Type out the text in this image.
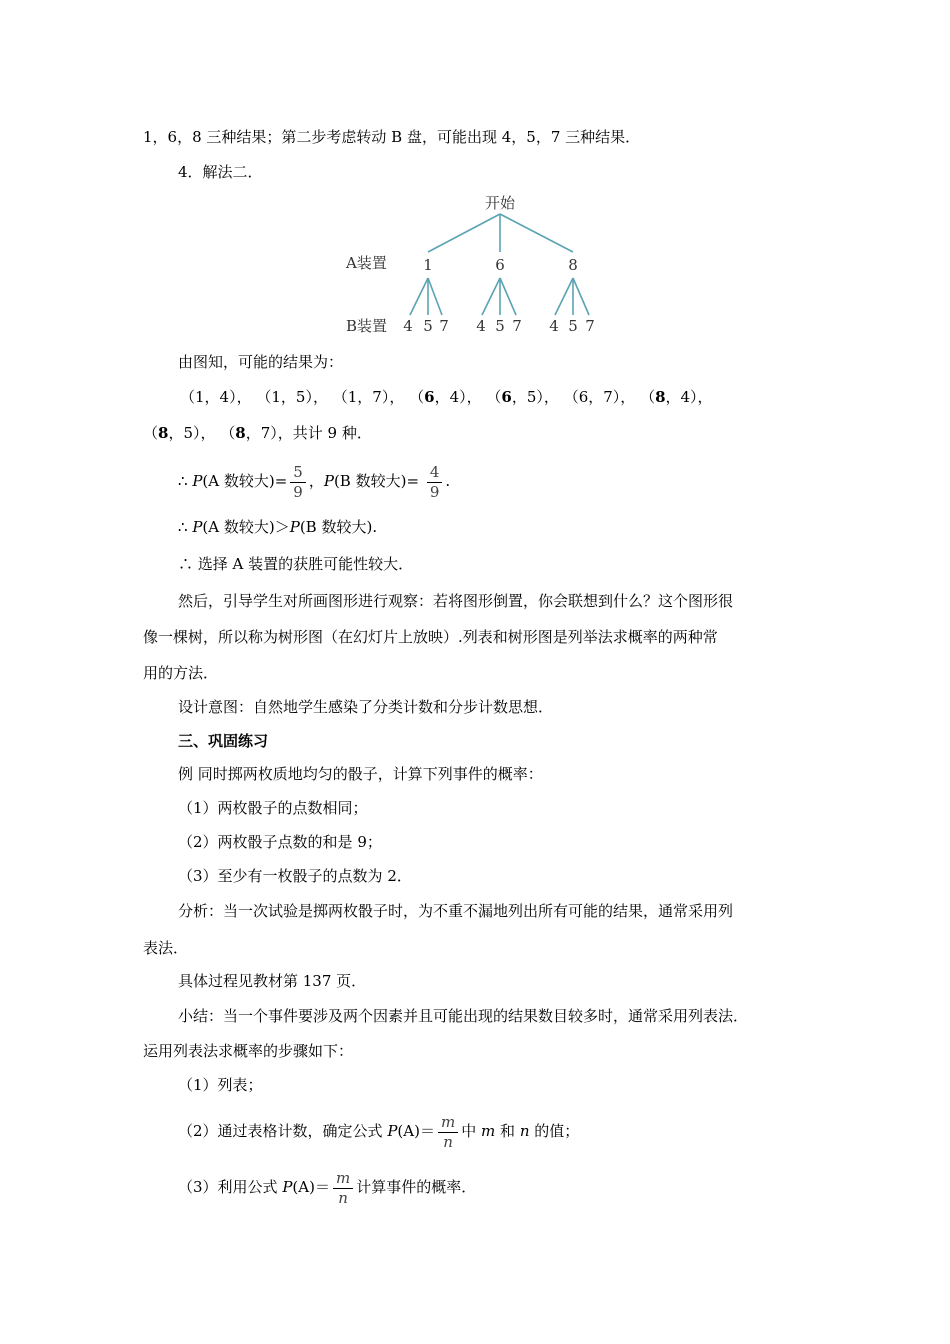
1，6，8 三种结果；第二步考虑转动 B 盘，可能出现 4，5，7 三种结果．
4．解法二．
开始
A装置
B装置
1	6	8
4 5 7 4 5 7 4 5 7
由图知，可能的结果为：
（1，4）， （1，5）， （1，7）， （6，4）， （6，5）， （6，7）， （8，4），
（8，5）， （8，7），共计 9 种．
∴ P(A 数较大)= $\frac{5}{9}$ ，P(B 数较大)= $\frac{4}{9}$ .
∴ P(A 数较大)＞P(B 数较大).
∴ 选择 A 装置的获胜可能性较大．
然后，引导学生对所画图形进行观察：若将图形倒置，你会联想到什么？这个图形很
像一棵树，所以称为树形图（在幻灯片上放映）.列表和树形图是列举法求概率的两种常
用的方法．
设计意图：自然地学生感染了分类计数和分步计数思想．
三、巩固练习
例 同时掷两枚质地均匀的骰子，计算下列事件的概率：
（1）两枚骰子的点数相同；
（2）两枚骰子点数的和是 9；
（3）至少有一枚骰子的点数为 2．
分析：当一次试验是掷两枚骰子时，为不重不漏地列出所有可能的结果，通常采用列
表法．
具体过程见教材第 137 页．
小结：当一个事件要涉及两个因素并且可能出现的结果数目较多时，通常采用列表法．
运用列表法求概率的步骤如下：
（1）列表；
（2）通过表格计数，确定公式 $P(A)= \frac{m}{n}$ 中 m 和 n 的值；
（3）利用公式 $P(A)= \frac{m}{n}$ 计算事件的概率．
